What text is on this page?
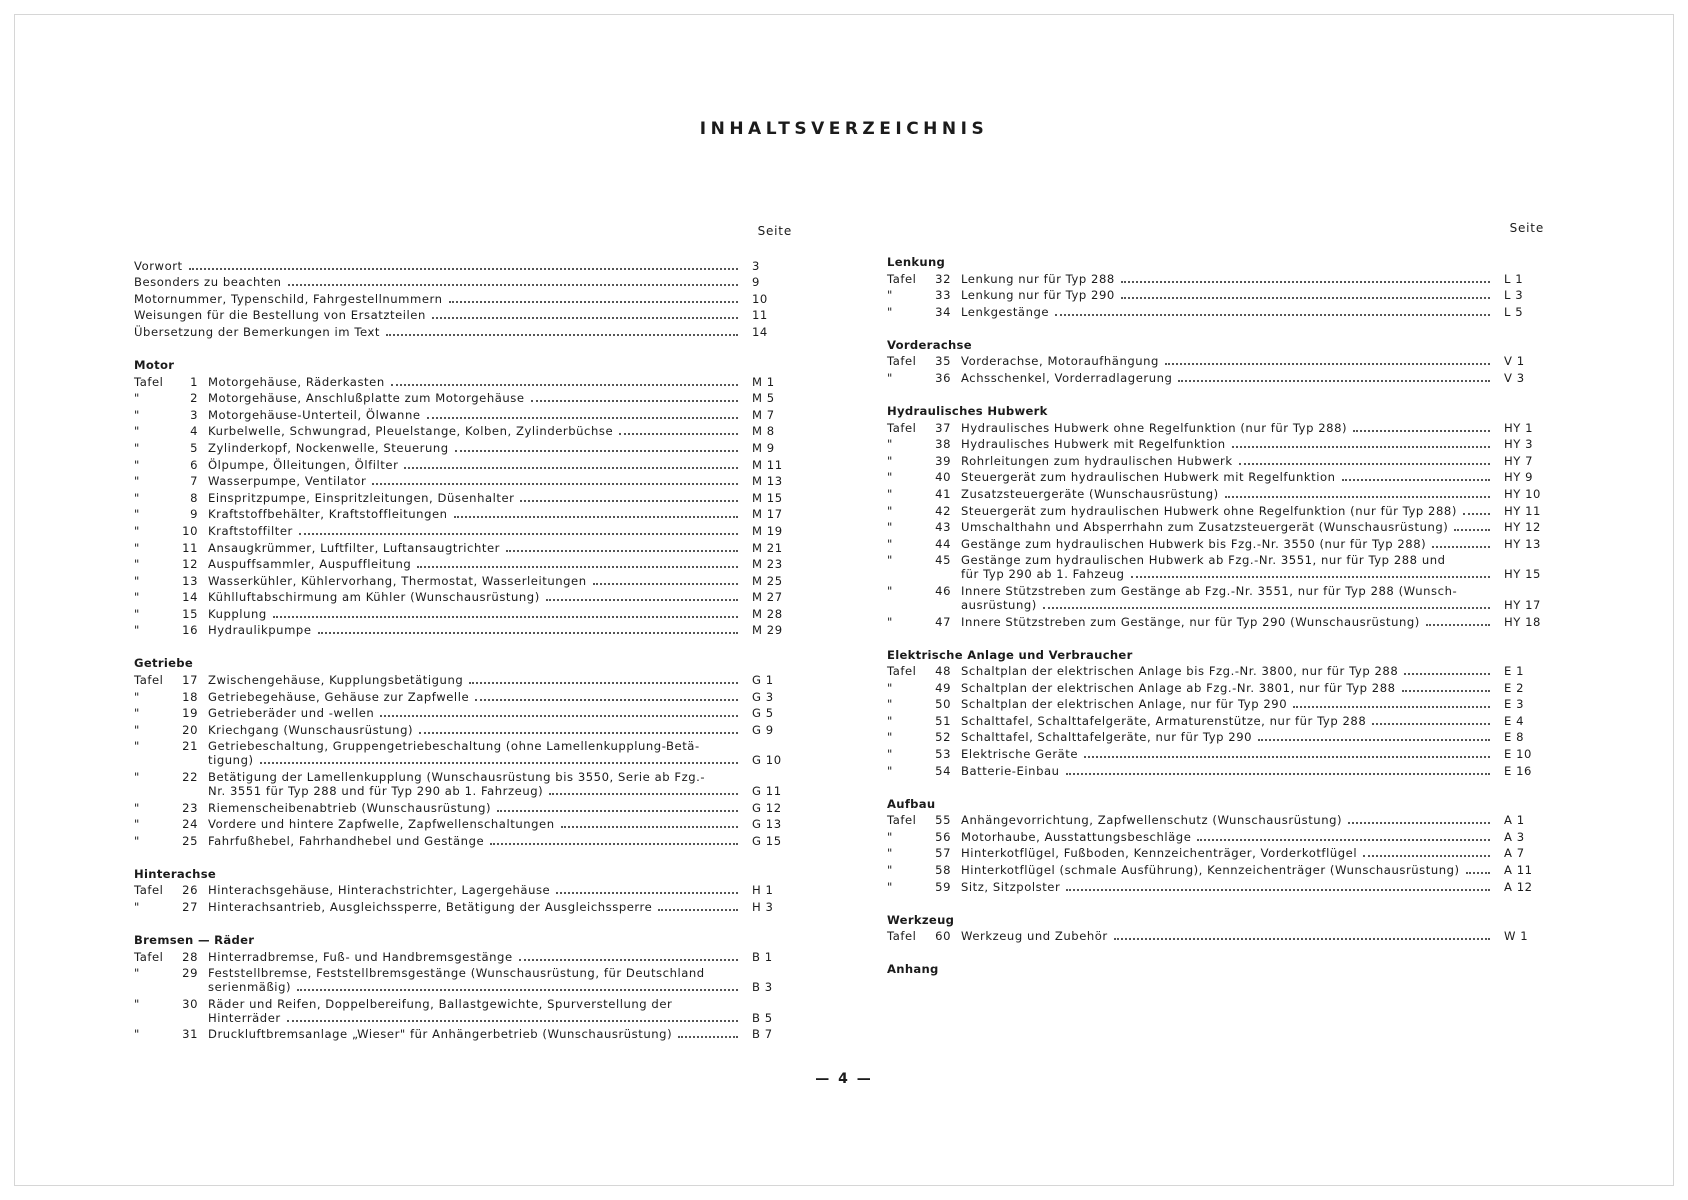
INHALTSVERZEICHNIS
Seite
Vorwort	3
Besonders zu beachten	9
Motornummer, Typenschild, Fahrgestellnummern	10
Weisungen für die Bestellung von Ersatzteilen	11
Übersetzung der Bemerkungen im Text	14
Motor
Tafel	1 Motorgehäuse, Räderkasten	M 1
"	2 Motorgehäuse, Anschlußplatte zum Motorgehäuse	M 5
"	3 Motorgehäuse-Unterteil, Ölwanne	M 7
"	4 Kurbelwelle, Schwungrad, Pleuelstange, Kolben, Zylinderbüchse	M 8
"	5 Zylinderkopf, Nockenwelle, Steuerung	M 9
"	6 Ölpumpe, Ölleitungen, Ölfilter	M 11
"	7 Wasserpumpe, Ventilator	M 13
"	8 Einspritzpumpe, Einspritzleitungen, Düsenhalter	M 15
"	9 Kraftstoffbehälter, Kraftstoffleitungen	M 17
"	10 Kraftstoffilter	M 19
"	11 Ansaugkrümmer, Luftfilter, Luftansaugtrichter	M 21
"	12 Auspuffsammler, Auspuffleitung	M 23
"	13 Wasserkühler, Kühlervorhang, Thermostat, Wasserleitungen	M 25
"	14 Kühlluftabschirmung am Kühler (Wunschausrüstung)	M 27
"	15 Kupplung	M 28
"	16 Hydraulikpumpe	M 29
Getriebe
Tafel	17 Zwischengehäuse, Kupplungsbetätigung	G 1
"	18 Getriebegehäuse, Gehäuse zur Zapfwelle	G 3
"	19 Getrieberäder und -wellen	G 5
"	20 Kriechgang (Wunschausrüstung)	G 9
"	21 Getriebeschaltung, Gruppengetriebeschaltung (ohne Lamellenkupplung-Betä-
tigung)	G 10
"	22 Betätigung der Lamellenkupplung (Wunschausrüstung bis 3550, Serie ab Fzg.-
Nr. 3551 für Typ 288 und für Typ 290 ab 1. Fahrzeug)	G 11
"	23 Riemenscheibenabtrieb (Wunschausrüstung)	G 12
"	24 Vordere und hintere Zapfwelle, Zapfwellenschaltungen	G 13
"	25 Fahrfußhebel, Fahrhandhebel und Gestänge	G 15
Hinterachse
Tafel	26 Hinterachsgehäuse, Hinterachstrichter, Lagergehäuse	H 1
"	27 Hinterachsantrieb, Ausgleichssperre, Betätigung der Ausgleichssperre	H 3
Bremsen — Räder
Tafel	28 Hinterradbremse, Fuß- und Handbremsgestänge	B 1
"	29 Feststellbremse, Feststellbremsgestänge (Wunschausrüstung, für Deutschland
serienmäßig)	B 3
"	30 Räder und Reifen, Doppelbereifung, Ballastgewichte, Spurverstellung der
Hinterräder	B 5
"	31 Druckluftbremsanlage „Wieser" für Anhängerbetrieb (Wunschausrüstung)	B 7
Seite
Lenkung
Tafel	32 Lenkung nur für Typ 288	L 1
"	33 Lenkung nur für Typ 290	L 3
"	34 Lenkgestänge	L 5
Vorderachse
Tafel	35 Vorderachse, Motoraufhängung	V 1
"	36 Achsschenkel, Vorderradlagerung	V 3
Hydraulisches Hubwerk
Tafel	37 Hydraulisches Hubwerk ohne Regelfunktion (nur für Typ 288)	HY 1
"	38 Hydraulisches Hubwerk mit Regelfunktion	HY 3
"	39 Rohrleitungen zum hydraulischen Hubwerk	HY 7
"	40 Steuergerät zum hydraulischen Hubwerk mit Regelfunktion	HY 9
"	41 Zusatzsteuergeräte (Wunschausrüstung)	HY 10
"	42 Steuergerät zum hydraulischen Hubwerk ohne Regelfunktion (nur für Typ 288)	HY 11
"	43 Umschalthahn und Absperrhahn zum Zusatzsteuergerät (Wunschausrüstung)	HY 12
"	44 Gestänge zum hydraulischen Hubwerk bis Fzg.-Nr. 3550 (nur für Typ 288)	HY 13
"	45 Gestänge zum hydraulischen Hubwerk ab Fzg.-Nr. 3551, nur für Typ 288 und
für Typ 290 ab 1. Fahzeug	HY 15
"	46 Innere Stützstreben zum Gestänge ab Fzg.-Nr. 3551, nur für Typ 288 (Wunsch-
ausrüstung)	HY 17
"	47 Innere Stützstreben zum Gestänge, nur für Typ 290 (Wunschausrüstung)	HY 18
Elektrische Anlage und Verbraucher
Tafel	48 Schaltplan der elektrischen Anlage bis Fzg.-Nr. 3800, nur für Typ 288	E 1
"	49 Schaltplan der elektrischen Anlage ab Fzg.-Nr. 3801, nur für Typ 288	E 2
"	50 Schaltplan der elektrischen Anlage, nur für Typ 290	E 3
"	51 Schalttafel, Schalttafelgeräte, Armaturenstütze, nur für Typ 288	E 4
"	52 Schalttafel, Schalttafelgeräte, nur für Typ 290	E 8
"	53 Elektrische Geräte	E 10
"	54 Batterie-Einbau	E 16
Aufbau
Tafel	55 Anhängevorrichtung, Zapfwellenschutz (Wunschausrüstung)	A 1
"	56 Motorhaube, Ausstattungsbeschläge	A 3
"	57 Hinterkotflügel, Fußboden, Kennzeichenträger, Vorderkotflügel	A 7
"	58 Hinterkotflügel (schmale Ausführung), Kennzeichenträger (Wunschausrüstung)	A 11
"	59 Sitz, Sitzpolster	A 12
Werkzeug
Tafel	60 Werkzeug und Zubehör	W 1
Anhang
— 4 —
